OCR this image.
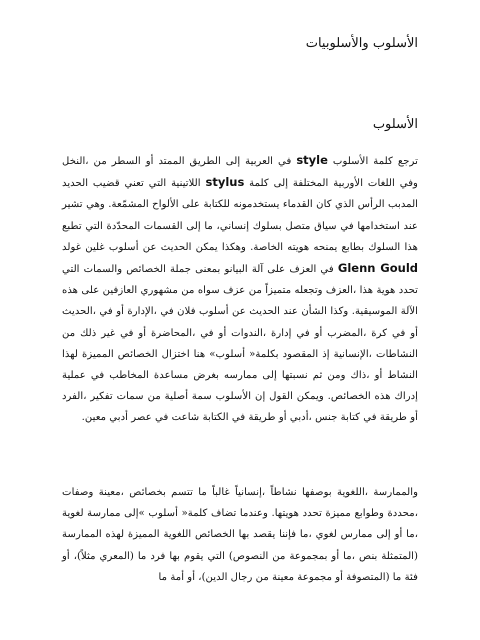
الأسلوب والأسلوبيات
الأسلوب

ترجع كلمة الأسلوب style في العربية إلى الطريق الممتد أو السطر من ،النخل وفي اللغات الأوربية المختلفة إلى كلمة stylus اللاتينية التي تعني قضيب الحديد المدبب الرأس الذي كان القدماء يستخدمونه للكتابة على الألواح المشمّعة. وهي تشير عند استخدامها في سياق متصل بسلوك إنساني، ما إلى القسمات المحدّدة التي تطبع هذا السلوك بطابع يمنحه هويته الخاصة. وهكذا يمكن الحديث عن أسلوب غلين غولد Glenn Gould في العزف على آلة البيانو بمعنى جملة الخصائص والسمات التي تحدد هوية هذا ،العزف وتجعله متميزاً من عزف سواه من مشهوري العازفين على هذه الآلة الموسيقية. وكذا الشأن عند الحديث عن أسلوب فلان في ،الإدارة أو في ،الحديث أو في كرة ،المضرب أو في إدارة ،الندوات أو في ،المحاضرة أو في غير ذلك من النشاطات ،الإنسانية إذ المقصود بكلمة« أسلوب» هنا اختزال الخصائص المميزة لهذا النشاط أو ،ذاك ومن ثم نسبتها إلى ممارسه بغرض مساعدة المخاطب في عملية إدراك هذه الخصائص. ويمكن القول إن الأسلوب سمة أصلية من سمات تفكير ،الفرد أو طريقة في كتابة جنس ،أدبي أو طريقة في الكتابة شاعت في عصر أدبي معين.

والممارسة ،اللغوية بوصفها نشاطاً ،إنسانياً غالباً ما تتسم بخصائص ،معينة وصفات ،محددة وطوابع مميزة تحدد هويتها. وعندما تضاف كلمة« أسلوب »إلى ممارسة لغوية ،ما أو إلى ممارس لغوي ،ما فإننا يقصد بها الخصائص اللغوية المميزة لهذه الممارسة (المتمثلة بنص ،ما أو بمجموعة من النصوص) التي يقوم بها فرد ما (المعري مثلاً)، أو فئة ما (المتصوفة أو مجموعة معينة من رجال الدين)، أو أمة ما
